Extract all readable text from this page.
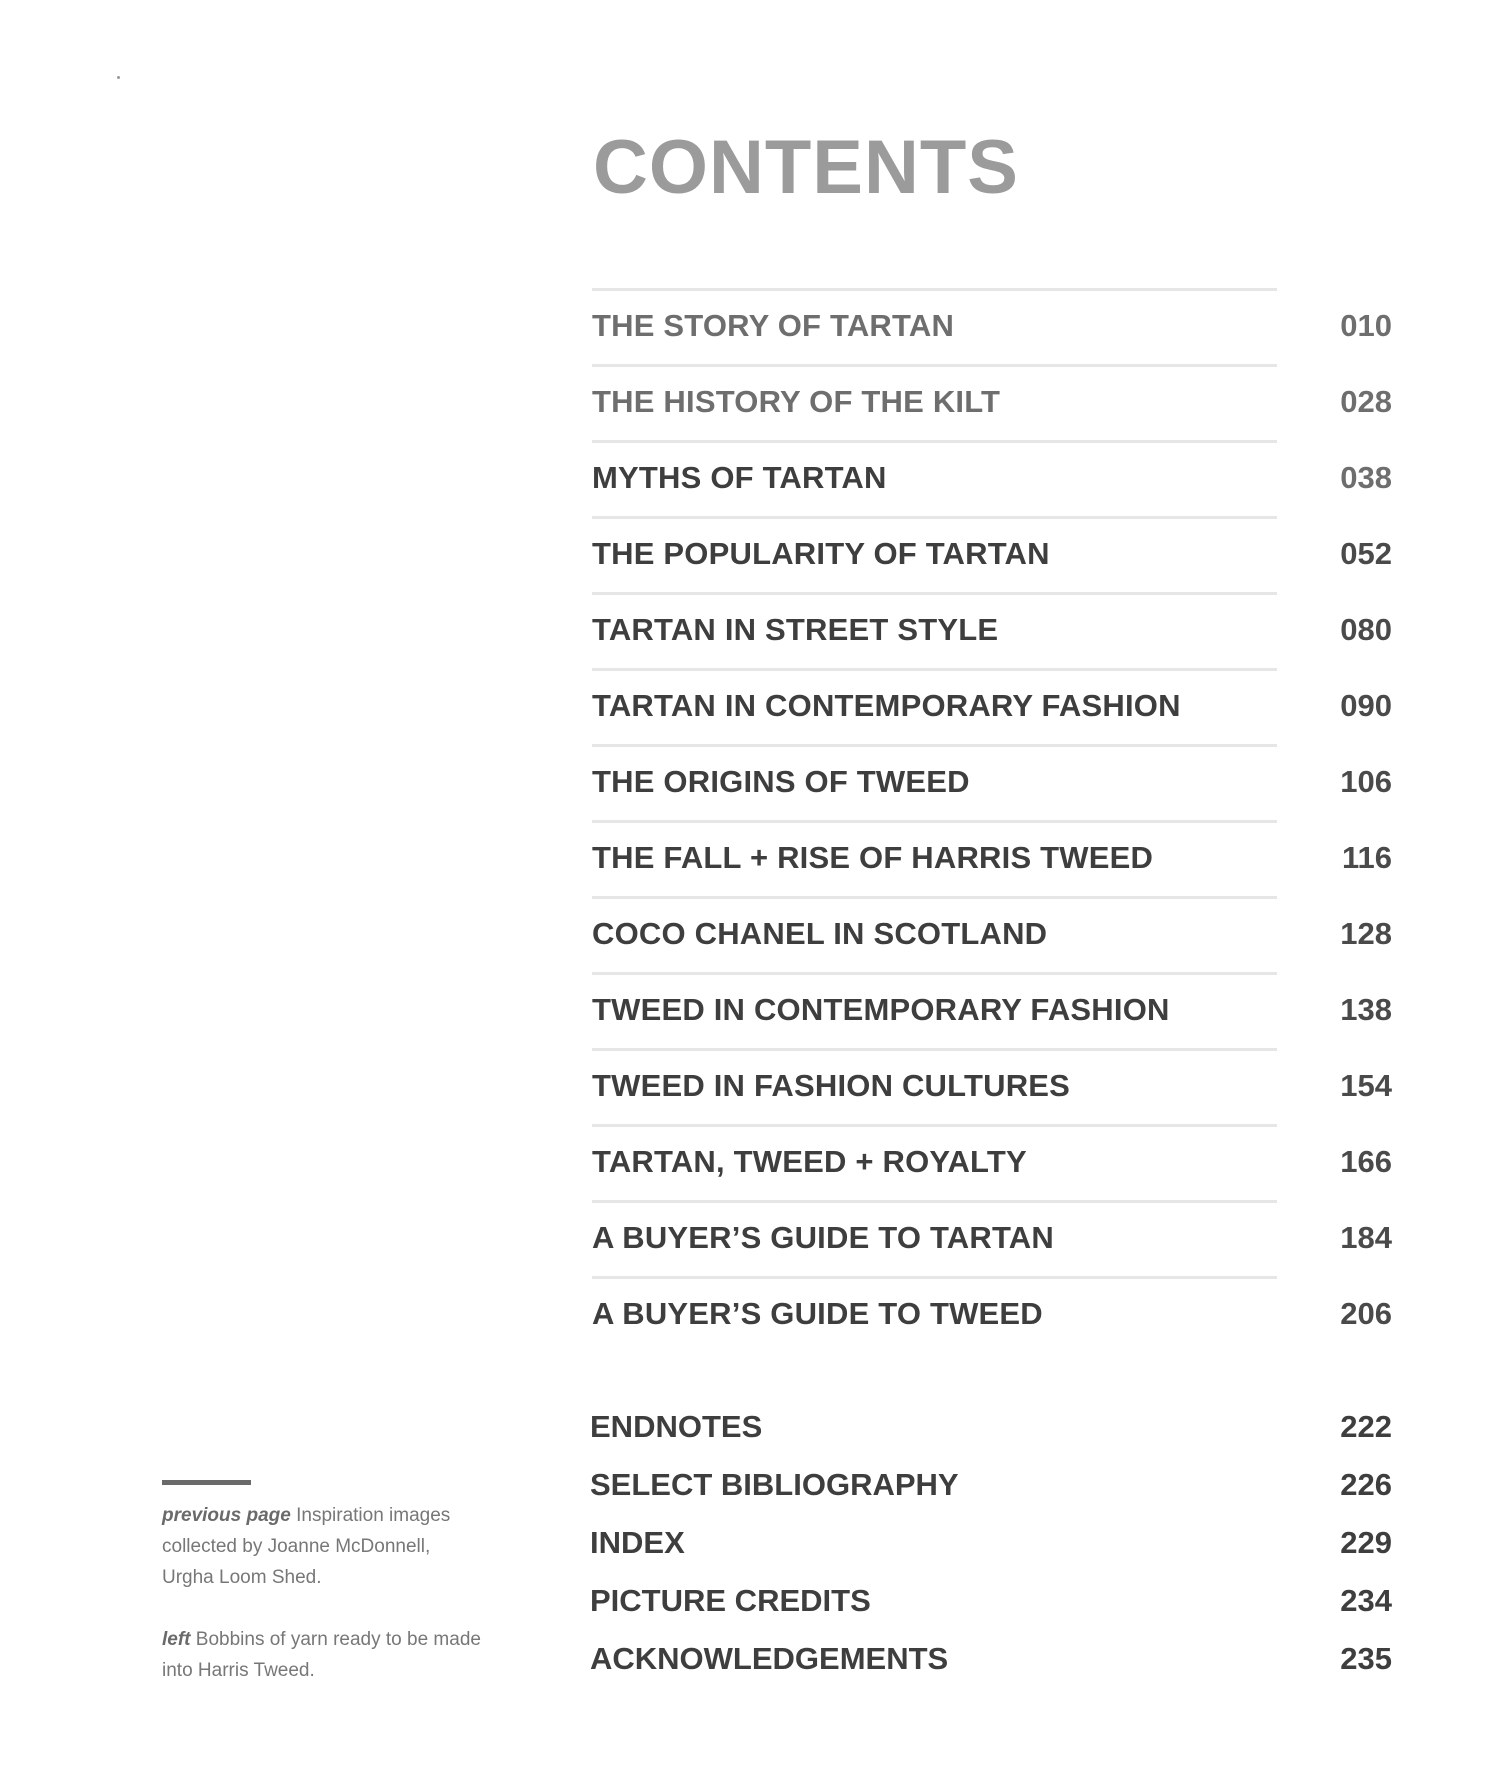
CONTENTS
THE STORY OF TARTAN	010
THE HISTORY OF THE KILT	028
MYTHS OF TARTAN	038
THE POPULARITY OF TARTAN	052
TARTAN IN STREET STYLE	080
TARTAN IN CONTEMPORARY FASHION	090
THE ORIGINS OF TWEED	106
THE FALL + RISE OF HARRIS TWEED	116
COCO CHANEL IN SCOTLAND	128
TWEED IN CONTEMPORARY FASHION	138
TWEED IN FASHION CULTURES	154
TARTAN, TWEED + ROYALTY	166
A BUYER’S GUIDE TO TARTAN	184
A BUYER’S GUIDE TO TWEED	206
ENDNOTES	222
SELECT BIBLIOGRAPHY	226
INDEX	229
PICTURE CREDITS	234
ACKNOWLEDGEMENTS	235

previous page Inspiration images collected by Joanne McDonnell, Urgha Loom Shed.

left Bobbins of yarn ready to be made into Harris Tweed.
